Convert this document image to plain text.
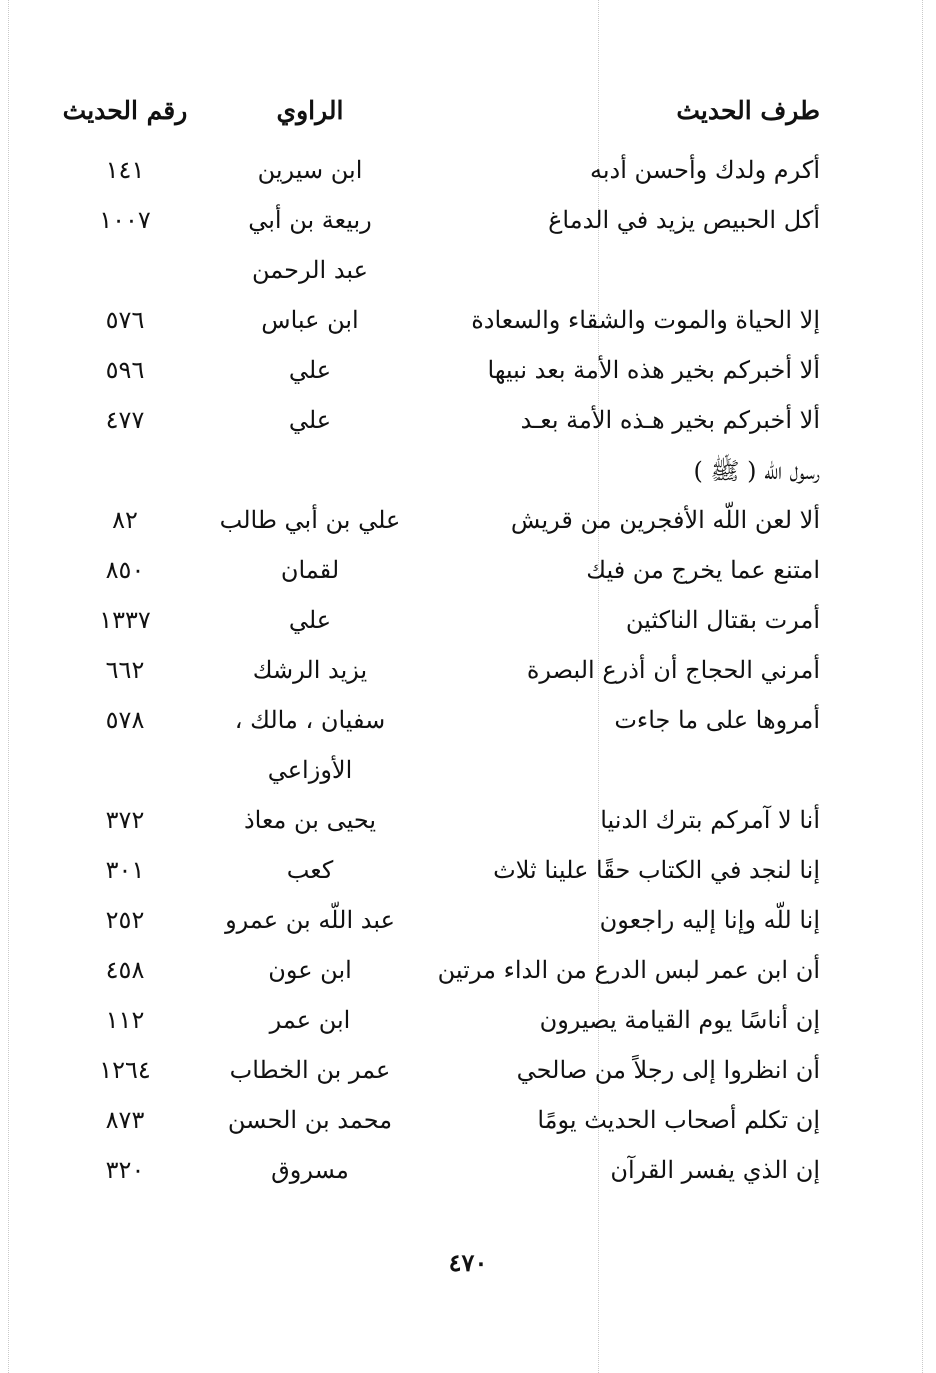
طرف الحديث
الراوي
رقم الحديث
أكرم ولدك وأحسن أدبه
ابن سيرين
١٤١
أكل الحبيص يزيد في الدماغ
ربيعة بن أبي
١٠٠٧
عبد الرحمن
إلا الحياة والموت والشقاء والسعادة
ابن عباس
٥٧٦
ألا أخبركم بخير هذه الأمة بعد نبيها
علي
٥٩٦
ألا أخبركم بخير هـذه الأمة بعـد
علي
٤٧٧
رسول اللّه ( ﷺ )
ألا لعن اللّه الأفجرين من قريش
علي بن أبي طالب
٨٢
امتنع عما يخرج من فيك
لقمان
٨٥٠
أمرت بقتال الناكثين
علي
١٣٣٧
أمرني الحجاج أن أذرع البصرة
يزيد الرشك
٦٦٢
أمروها على ما جاءت
سفيان ، مالك ،
٥٧٨
الأوزاعي
أنا لا آمركم بترك الدنيا
يحيى بن معاذ
٣٧٢
إنا لنجد في الكتاب حقًا علينا ثلاث
كعب
٣٠١
إنا للّه وإنا إليه راجعون
عبد اللّه بن عمرو
٢٥٢
أن ابن عمر لبس الدرع من الداء مرتين
ابن عون
٤٥٨
إن أناسًا يوم القيامة يصيرون
ابن عمر
١١٢
أن انظروا إلى رجلاً من صالحي
عمر بن الخطاب
١٢٦٤
إن تكلم أصحاب الحديث يومًا
محمد بن الحسن
٨٧٣
إن الذي يفسر القرآن
مسروق
٣٢٠
٤٧٠
